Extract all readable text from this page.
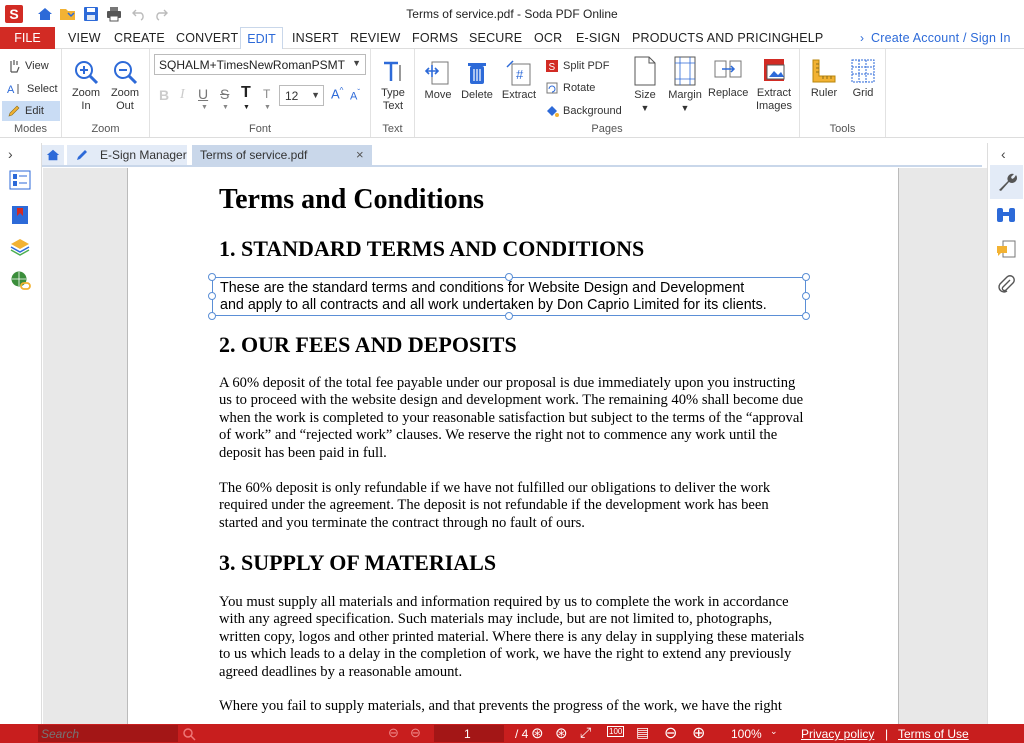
S	Terms of service.pdf - Soda PDF Online
VIEW CREATE CONVERT	INSERT REVIEW FORMS SECURE OCR E-SIGN PRODUCTS AND PRICING HELP	› Create Account / Sign In
FILE	EDIT
View
A Select
Edit
Modes
Zoom
In
Zoom
Out
Zoom
SQHALM+TimesNewRomanPSMT ▼
B I U S T T
▼ ▼ ▼ ▼
12 ▼ A^
$A^ˇ$
Font
Type
Text
Text
Move Delete
#
Extract
S Split PDF
Rotate
Background
Size
▼
Margin
▼
Replace Extract
Images
Pages
Ruler	Grid
Tools
›	E-Sign Manager Terms of service.pdf	×
Terms and Conditions
1. STANDARD TERMS AND CONDITIONS
These are the standard terms and conditions for Website Design and Development
and apply to all contracts and all work undertaken by Don Caprio Limited for its clients.
2. OUR FEES AND DEPOSITS
A 60% deposit of the total fee payable under our proposal is due immediately upon you instructing us to proceed with the website design and development work. The remaining 40% shall become due when the work is completed to your reasonable satisfaction but subject to the terms of the “approval of work” and “rejected work” clauses. We reserve the right not to commence any work until the deposit has been paid in full.
The 60% deposit is only refundable if we have not fulfilled our obligations to deliver the work required under the agreement. The deposit is not refundable if the development work has been started and you terminate the contract through no fault of ours.
3. SUPPLY OF MATERIALS
You must supply all materials and information required by us to complete the work in accordance with any agreed specification. Such materials may include, but are not limited to, photographs, written copy, logos and other printed material. Where there is any delay in supplying these materials to us which leads to a delay in the completion of work, we have the right to extend any previously agreed deadlines by a reasonable amount.
Where you fail to supply materials, and that prevents the progress of the work, we have the right
‹
Search
⊖ ⊖	1	/ 4 ⊛ ⊛ ⤢ 100 ▤ ⊖ ⊕ 100% ⌄ Privacy policy | Terms of Use
